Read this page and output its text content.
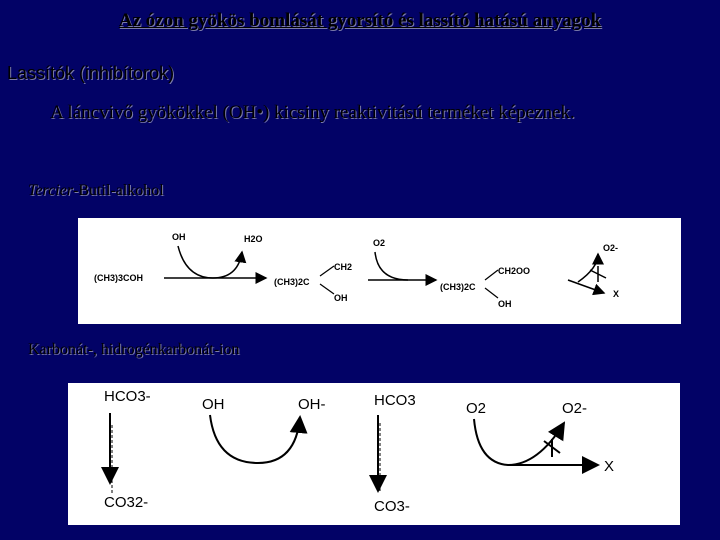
Az ózon gyökös bomlását gyorsító és lassító hatású anyagok
Lassítók (inhibítorok)
A láncvivő gyökökkel (OH•) kicsiny reaktivitású terméket képeznek.
Tercier-Butil-alkohol
(CH3)3COH
OH	H2O
(CH3)2C
CH2
OH
O2
(CH3)2C
CH2OO
OH
O2-
X
Karbonát-, hidrogénkarbonát-ion
HCO3-
CO32-
OH	OH-	HCO3
CO3-
O2	O2-
X
